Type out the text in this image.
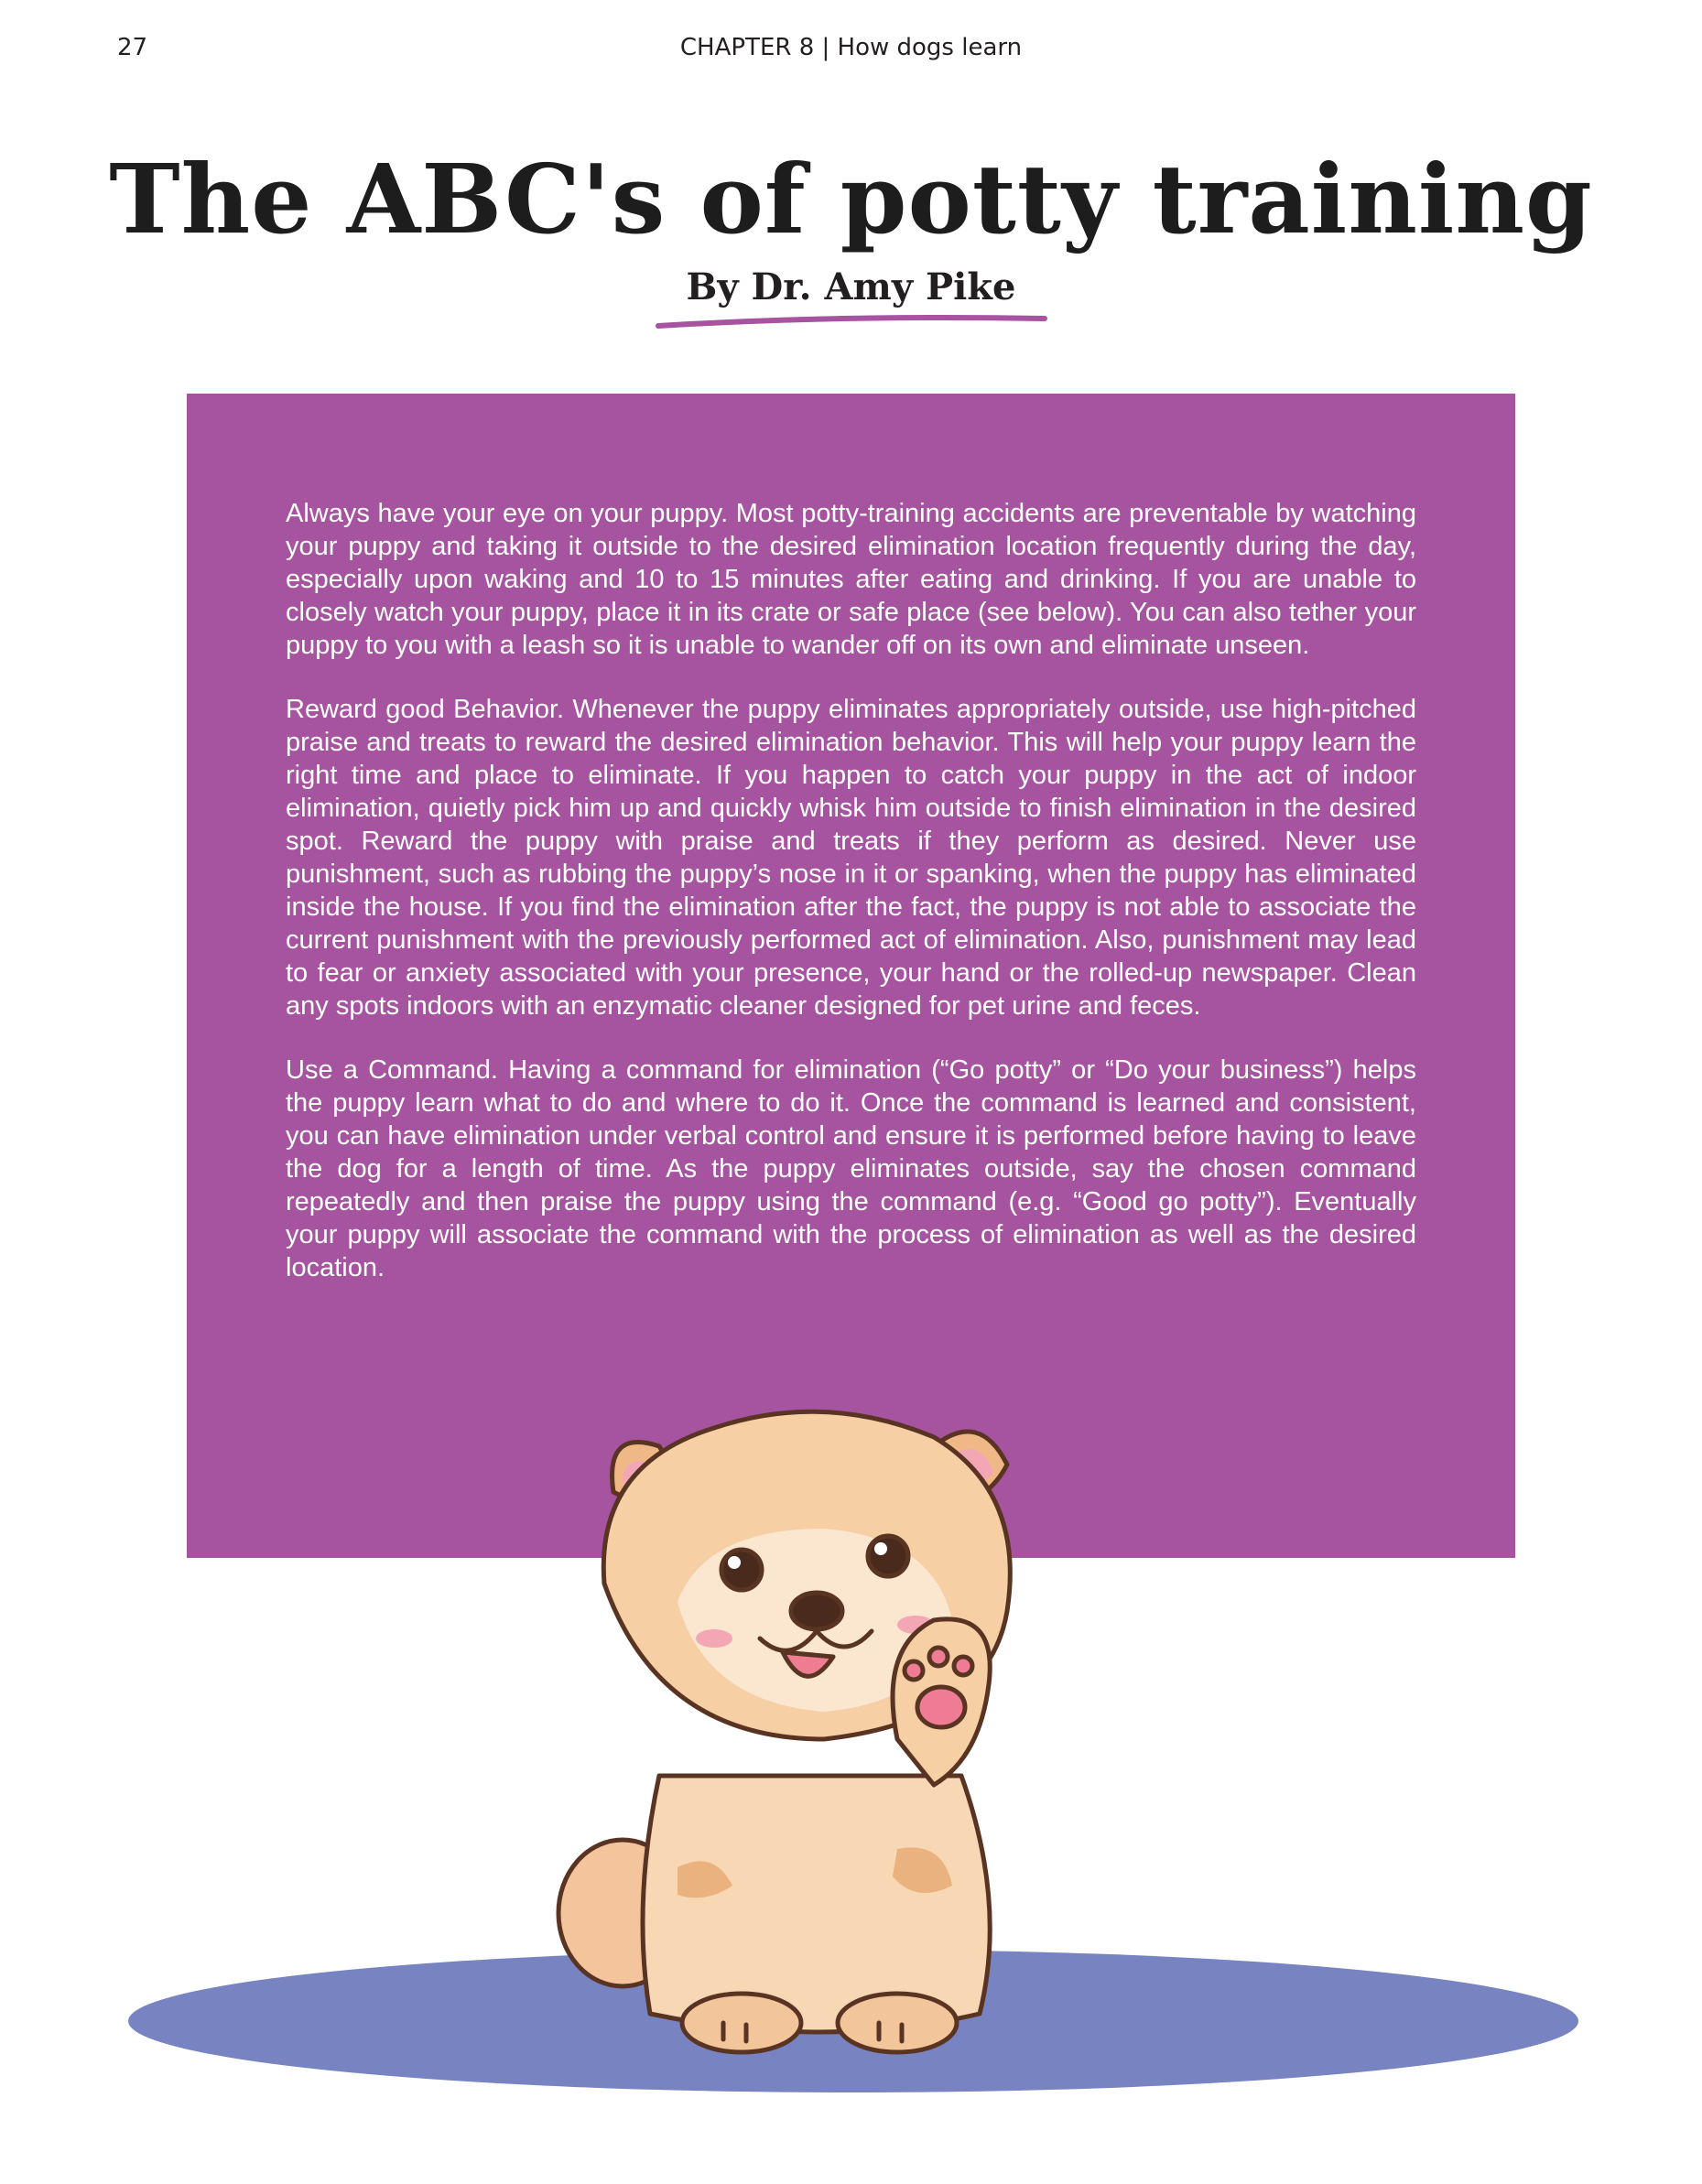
27	CHAPTER 8 | How dogs learn
The ABC's of potty training
By Dr. Amy Pike

Always have your eye on your puppy. Most potty-training accidents are preventable by watching your puppy and taking it outside to the desired elimination location frequently during the day, especially upon waking and 10 to 15 minutes after eating and drinking. If you are unable to closely watch your puppy, place it in its crate or safe place (see below). You can also tether your puppy to you with a leash so it is unable to wander off on its own and eliminate unseen.

Reward good Behavior. Whenever the puppy eliminates appropriately outside, use high-pitched praise and treats to reward the desired elimination behavior. This will help your puppy learn the right time and place to eliminate. If you happen to catch your puppy in the act of indoor elimination, quietly pick him up and quickly whisk him outside to finish elimination in the desired spot. Reward the puppy with praise and treats if they perform as desired. Never use punishment, such as rubbing the puppy’s nose in it or spanking, when the puppy has eliminated inside the house. If you find the elimination after the fact, the puppy is not able to associate the current punishment with the previously performed act of elimination. Also, punishment may lead to fear or anxiety associated with your presence, your hand or the rolled-up newspaper. Clean any spots indoors with an enzymatic cleaner designed for pet urine and feces.

Use a Command. Having a command for elimination (“Go potty” or “Do your business”) helps the puppy learn what to do and where to do it. Once the command is learned and consistent, you can have elimination under verbal control and ensure it is performed before having to leave the dog for a length of time. As the puppy eliminates outside, say the chosen command repeatedly and then praise the puppy using the command (e.g. “Good go potty”). Eventually your puppy will associate the command with the process of elimination as well as the desired location.
